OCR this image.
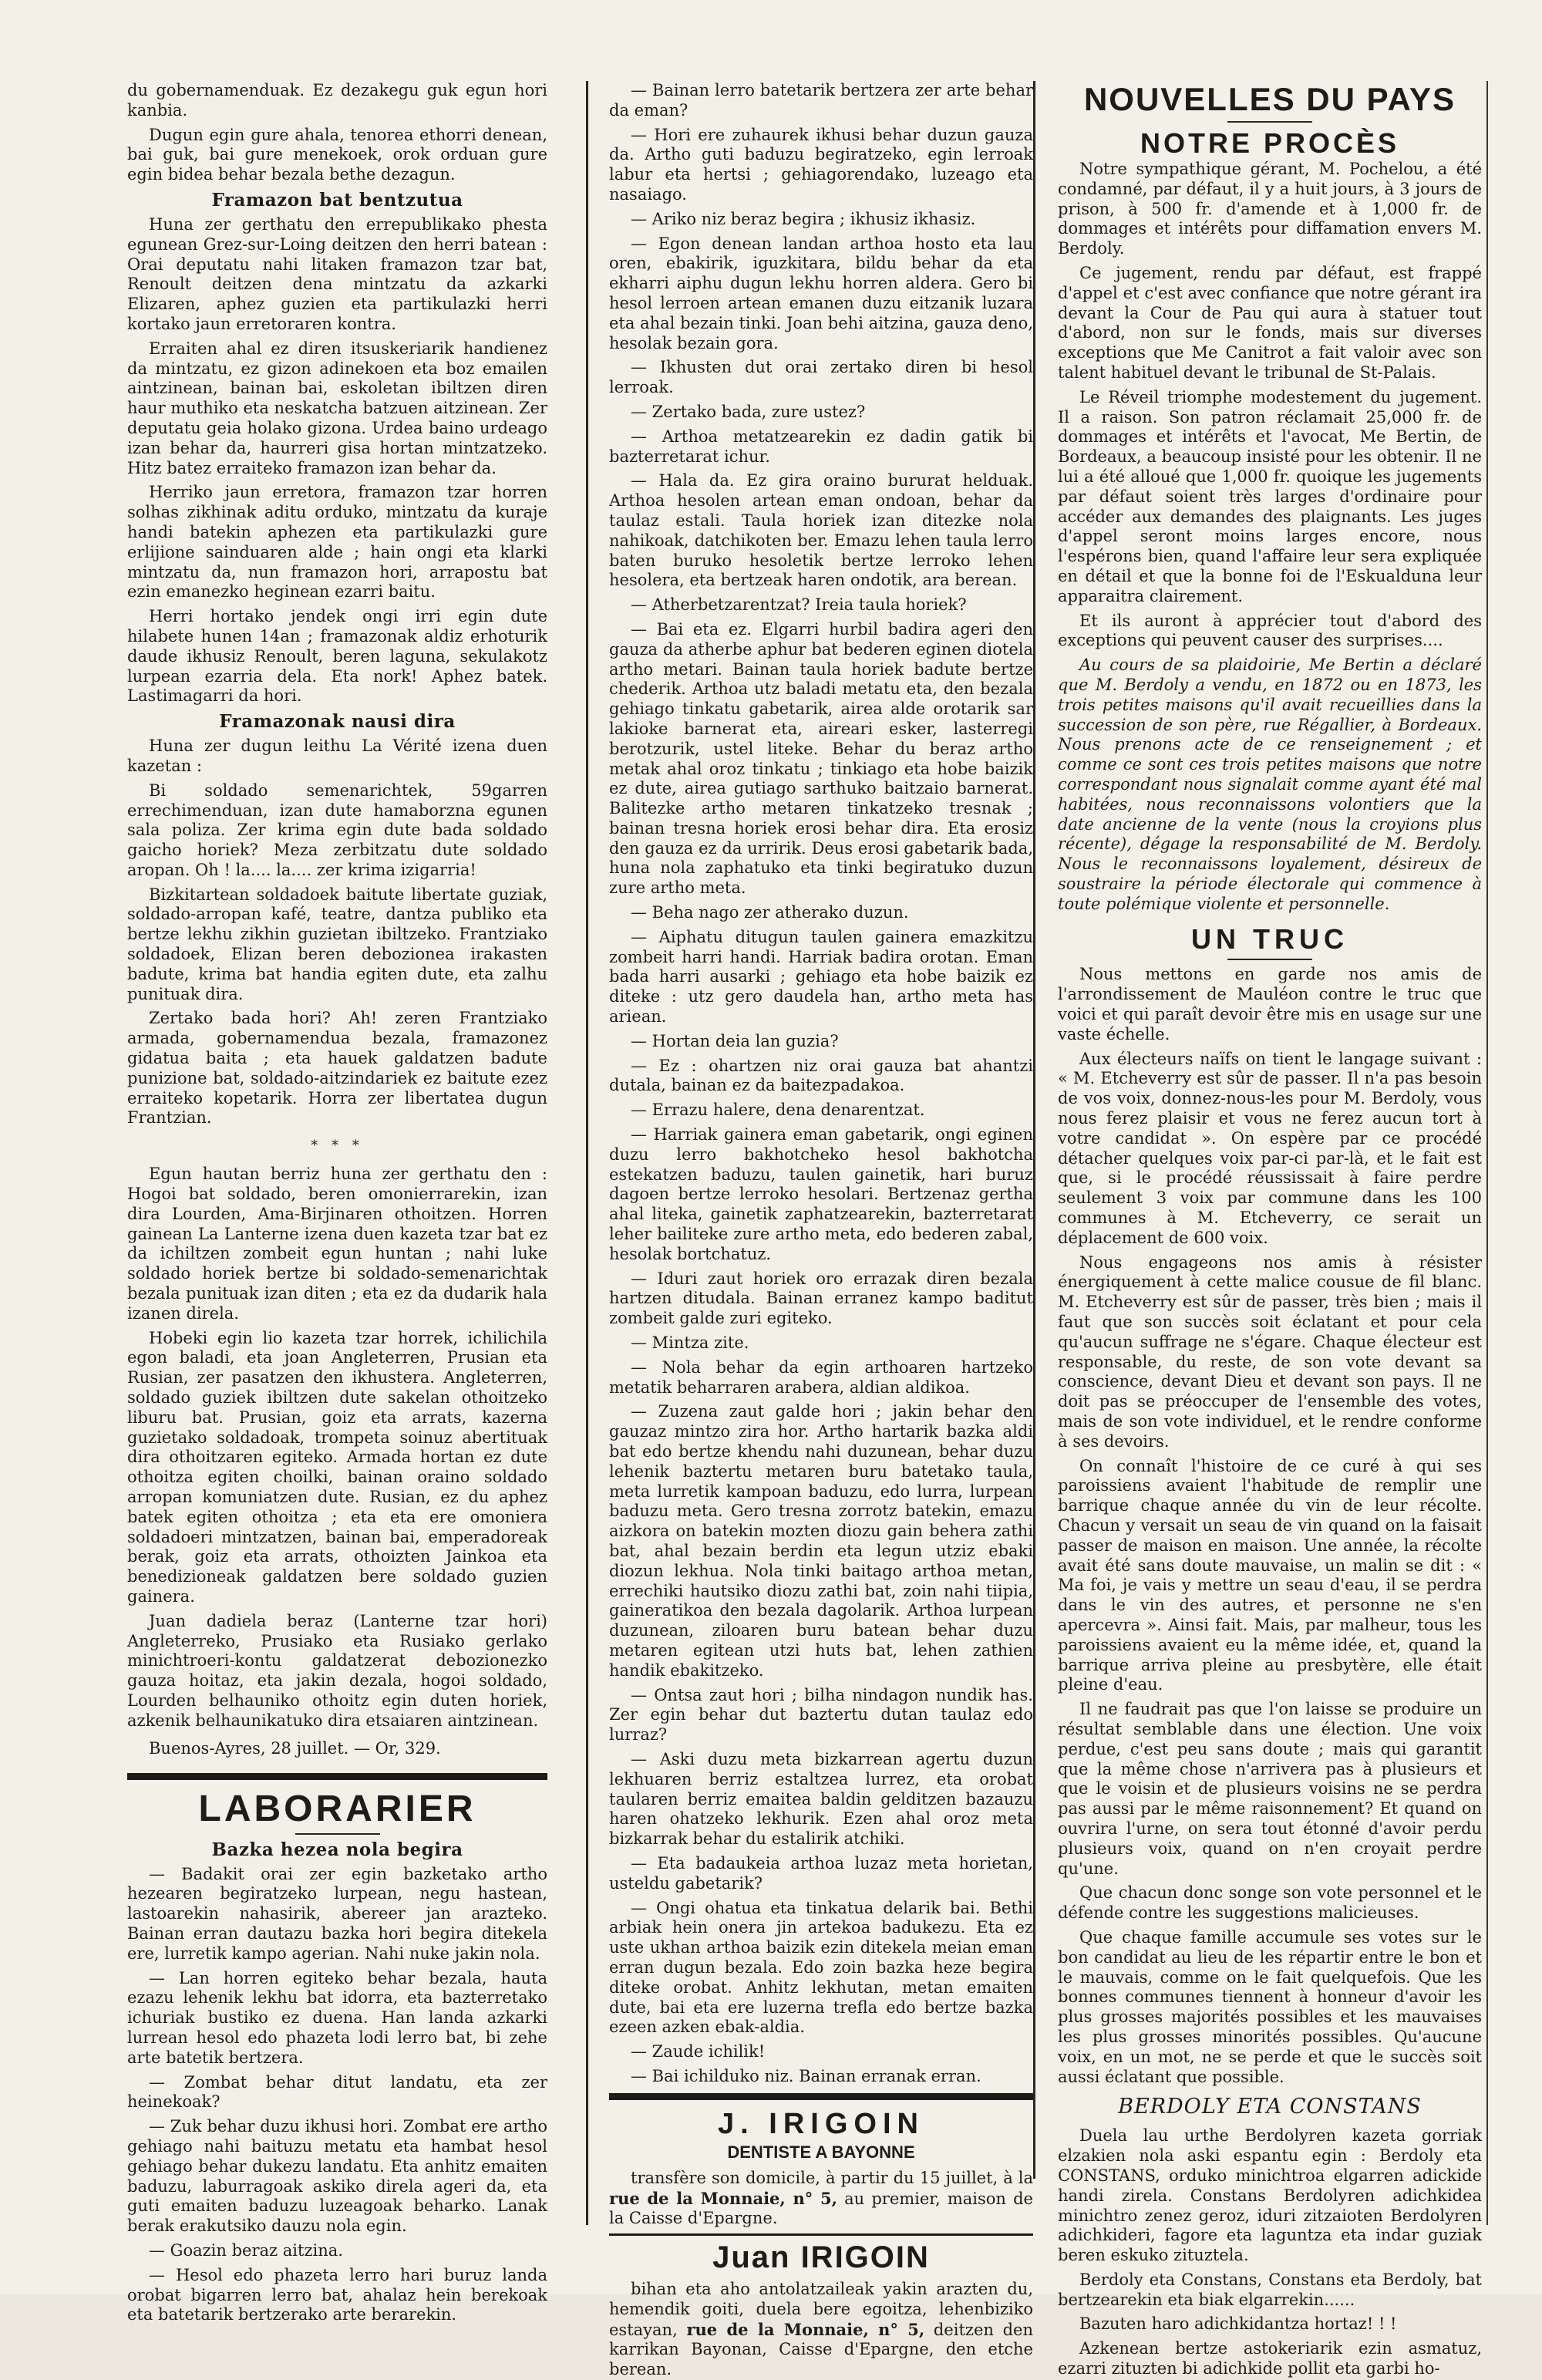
du gobernamenduak. Ez dezakegu guk egun hori kanbia.

Dugun egin gure ahala, tenorea ethorri denean, bai guk, bai gure menekoek, orok orduan gure egin bidea behar bezala bethe dezagun.

Framazon bat bentzutua

Huna zer gerthatu den errepublikako phesta egunean Grez-sur-Loing deitzen den herri batean : Orai deputatu nahi litaken framazon tzar bat, Renoult deitzen dena mintzatu da azkarki Elizaren, aphez guzien eta partikulazki herri kortako jaun erretoraren kontra.

Erraiten ahal ez diren itsuskeriarik handienez da mintzatu, ez gizon adinekoen eta boz emailen aintzinean, bainan bai, eskoletan ibiltzen diren haur muthiko eta neskatcha batzuen aitzinean. Zer deputatu geia holako gizona. Urdea baino urdeago izan behar da, haurreri gisa hortan mintzatzeko. Hitz batez erraiteko framazon izan behar da.

Herriko jaun erretora, framazon tzar horren solhas zikhinak aditu orduko, mintzatu da kuraje handi batekin aphezen eta partikulazki gure erlijione sainduaren alde ; hain ongi eta klarki mintzatu da, nun framazon hori, arrapostu bat ezin emanezko heginean ezarri baitu.

Herri hortako jendek ongi irri egin dute hilabete hunen 14an ; framazonak aldiz erhoturik daude ikhusiz Renoult, beren laguna, sekulakotz lurpean ezarria dela. Eta nork! Aphez batek. Lastimagarri da hori.

Framazonak nausi dira

Huna zer dugun leithu La Vérité izena duen kazetan :

Bi soldado semenarichtek, 59garren errechimenduan, izan dute hamaborzna egunen sala poliza. Zer krima egin dute bada soldado gaicho horiek? Meza zerbitzatu dute soldado aropan. Oh ! la.... la.... zer krima izigarria!

Bizkitartean soldadoek baitute libertate guziak, soldado-arropan kafé, teatre, dantza publiko eta bertze lekhu zikhin guzietan ibiltzeko. Frantziako soldadoek, Elizan beren debozionea irakasten badute, krima bat handia egiten dute, eta zalhu punituak dira.

Zertako bada hori? Ah! zeren Frantziako armada, gobernamendua bezala, framazonez gidatua baita ; eta hauek galdatzen badute punizione bat, soldado-aitzindariek ez baitute ezez erraiteko kopetarik. Horra zer libertatea dugun Frantzian.

* * *

Egun hautan berriz huna zer gerthatu den : Hogoi bat soldado, beren omonierrarekin, izan dira Lourden, Ama-Birjinaren othoitzen. Horren gainean La Lanterne izena duen kazeta tzar bat ez da ichiltzen zombeit egun huntan ; nahi luke soldado horiek bertze bi soldado-semenarichtak bezala punituak izan diten ; eta ez da dudarik hala izanen direla.

Hobeki egin lio kazeta tzar horrek, ichilichila egon baladi, eta joan Angleterren, Prusian eta Rusian, zer pasatzen den ikhustera. Angleterren, soldado guziek ibiltzen dute sakelan othoitzeko liburu bat. Prusian, goiz eta arrats, kazerna guzietako soldadoak, trompeta soinuz abertituak dira othoitzaren egiteko. Armada hortan ez dute othoitza egiten choilki, bainan oraino soldado arropan komuniatzen dute. Rusian, ez du aphez batek egiten othoitza ; eta eta ere omoniera soldadoeri mintzatzen, bainan bai, emperadoreak berak, goiz eta arrats, othoizten Jainkoa eta benedizioneak galdatzen bere soldado guzien gainera.

Juan dadiela beraz (Lanterne tzar hori) Angleterreko, Prusiako eta Rusiako gerlako minichtroeri-kontu galdatzerat debozionezko gauza hoitaz, eta jakin dezala, hogoi soldado, Lourden belhauniko othoitz egin duten horiek, azkenik belhaunikatuko dira etsaiaren aintzinean.

Buenos-Ayres, 28 juillet. — Or, 329.
LABORARIER
Bazka hezea nola begira

— Badakit orai zer egin bazketako artho hezearen begiratzeko lurpean, negu hastean, lastoarekin nahasirik, abereer jan arazteko. Bainan erran dautazu bazka hori begira ditekela ere, lurretik kampo agerian. Nahi nuke jakin nola.

— Lan horren egiteko behar bezala, hauta ezazu lehenik lekhu bat idorra, eta bazterretako ichuriak bustiko ez duena. Han landa azkarki lurrean hesol edo phazeta lodi lerro bat, bi zehe arte batetik bertzera.

— Zombat behar ditut landatu, eta zer heinekoak?

— Zuk behar duzu ikhusi hori. Zombat ere artho gehiago nahi baituzu metatu eta hambat hesol gehiago behar dukezu landatu. Eta anhitz emaiten baduzu, laburragoak askiko direla ageri da, eta guti emaiten baduzu luzeagoak beharko. Lanak berak erakutsiko dauzu nola egin.

— Goazin beraz aitzina.

— Hesol edo phazeta lerro hari buruz landa orobat bigarren lerro bat, ahalaz hein berekoak eta batetarik bertzerako arte berarekin.

— Bainan lerro batetarik bertzera zer arte behar da eman?

— Hori ere zuhaurek ikhusi behar duzun gauza da. Artho guti baduzu begiratzeko, egin lerroak labur eta hertsi ; gehiagorendako, luzeago eta nasaiago.

— Ariko niz beraz begira ; ikhusiz ikhasiz.

— Egon denean landan arthoa hosto eta lau oren, ebakirik, iguzkitara, bildu behar da eta ekharri aiphu dugun lekhu horren aldera. Gero bi hesol lerroen artean emanen duzu eitzanik luzara eta ahal bezain tinki. Joan behi aitzina, gauza deno, hesolak bezain gora.

— Ikhusten dut orai zertako diren bi hesol lerroak.

— Zertako bada, zure ustez?

— Arthoa metatzearekin ez dadin gatik bi bazterretarat ichur.

— Hala da. Ez gira oraino bururat helduak. Arthoa hesolen artean eman ondoan, behar da taulaz estali. Taula horiek izan ditezke nola nahikoak, datchikoten ber. Emazu lehen taula lerro baten buruko hesoletik bertze lerroko lehen hesolera, eta bertzeak haren ondotik, ara berean.

— Atherbetzarentzat? Ireia taula horiek?

— Bai eta ez. Elgarri hurbil badira ageri den gauza da atherbe aphur bat bederen eginen diotela artho metari. Bainan taula horiek badute bertze chederik. Arthoa utz baladi metatu eta, den bezala gehiago tinkatu gabetarik, airea alde orotarik sar lakioke barnerat eta, aireari esker, lasterregi berotzurik, ustel liteke. Behar du beraz artho metak ahal oroz tinkatu ; tinkiago eta hobe baizik ez dute, airea gutiago sarthuko baitzaio barnerat. Balitezke artho metaren tinkatzeko tresnak ; bainan tresna horiek erosi behar dira. Eta erosiz den gauza ez da urririk. Deus erosi gabetarik bada, huna nola zaphatuko eta tinki begiratuko duzun zure artho meta.

— Beha nago zer atherako duzun.

— Aiphatu ditugun taulen gainera emazkitzu zombeit harri handi. Harriak badira orotan. Eman bada harri ausarki ; gehiago eta hobe baizik ez diteke : utz gero daudela han, artho meta has ariean.

— Hortan deia lan guzia?

— Ez : ohartzen niz orai gauza bat ahantzi dutala, bainan ez da baitezpadakoa.

— Errazu halere, dena denarentzat.

— Harriak gainera eman gabetarik, ongi eginen duzu lerro bakhotcheko hesol bakhotcha estekatzen baduzu, taulen gainetik, hari buruz dagoen bertze lerroko hesolari. Bertzenaz gertha ahal liteka, gainetik zaphatzearekin, bazterretarat leher bailiteke zure artho meta, edo bederen zabal, hesolak bortchatuz.

— Iduri zaut horiek oro errazak diren bezala hartzen ditudala. Bainan erranez kampo baditut zombeit galde zuri egiteko.

— Mintza zite.

— Nola behar da egin arthoaren hartzeko metatik beharraren arabera, aldian aldikoa.

— Zuzena zaut galde hori ; jakin behar den gauzaz mintzo zira hor. Artho hartarik bazka aldi bat edo bertze khendu nahi duzunean, behar duzu lehenik baztertu metaren buru batetako taula, meta lurretik kampoan baduzu, edo lurra, lurpean baduzu meta. Gero tresna zorrotz batekin, emazu aizkora on batekin mozten diozu gain behera zathi bat, ahal bezain berdin eta legun utziz ebaki diozun lekhua. Nola tinki baitago arthoa metan, errechiki hautsiko diozu zathi bat, zoin nahi tiipia, gaineratikoa den bezala dagolarik. Arthoa lurpean duzunean, ziloaren buru batean behar duzu metaren egitean utzi huts bat, lehen zathien handik ebakitzeko.

— Ontsa zaut hori ; bilha nindagon nundik has. Zer egin behar dut baztertu dutan taulaz edo lurraz?

— Aski duzu meta bizkarrean agertu duzun lekhuaren berriz estaltzea lurrez, eta orobat taularen berriz emaitea baldin gelditzen bazauzu haren ohatzeko lekhurik. Ezen ahal oroz meta bizkarrak behar du estalirik atchiki.

— Eta badaukeia arthoa luzaz meta horietan, usteldu gabetarik?

— Ongi ohatua eta tinkatua delarik bai. Bethi arbiak hein onera jin artekoa badukezu. Eta ez uste ukhan arthoa baizik ezin ditekela meian eman erran dugun bezala. Edo zoin bazka heze begira diteke orobat. Anhitz lekhutan, metan emaiten dute, bai eta ere luzerna trefla edo bertze bazka ezeen azken ebak-aldia.

— Zaude ichilik!

— Bai ichilduko niz. Bainan erranak erran.

J. IRIGOIN
DENTISTE A BAYONNE

transfère son domicile, à partir du 15 juillet, à la rue de la Monnaie, n° 5, au premier, maison de la Caisse d'Epargne.

Juan IRIGOIN

bihan eta aho antolatzaileak yakin arazten du, hemendik goiti, duela bere egoitza, lehenbiziko estayan, rue de la Monnaie, n° 5, deitzen den karrikan Bayonan, Caisse d'Epargne, den etche berean.

NOUVELLES DU PAYS
NOTRE PROCÈS

Notre sympathique gérant, M. Pochelou, a été condamné, par défaut, il y a huit jours, à 3 jours de prison, à 500 fr. d'amende et à 1,000 fr. de dommages et intérêts pour diffamation envers M. Berdoly.

Ce jugement, rendu par défaut, est frappé d'appel et c'est avec confiance que notre gérant ira devant la Cour de Pau qui aura à statuer tout d'abord, non sur le fonds, mais sur diverses exceptions que Me Canitrot a fait valoir avec son talent habituel devant le tribunal de St-Palais.

Le Réveil triomphe modestement du jugement. Il a raison. Son patron réclamait 25,000 fr. de dommages et intérêts et l'avocat, Me Bertin, de Bordeaux, a beaucoup insisté pour les obtenir. Il ne lui a été alloué que 1,000 fr. quoique les jugements par défaut soient très larges d'ordinaire pour accéder aux demandes des plaignants. Les juges d'appel seront moins larges encore, nous l'espérons bien, quand l'affaire leur sera expliquée en détail et que la bonne foi de l'Eskualduna leur apparaitra clairement.

Et ils auront à apprécier tout d'abord des exceptions qui peuvent causer des surprises....

Au cours de sa plaidoirie, Me Bertin a déclaré que M. Berdoly a vendu, en 1872 ou en 1873, les trois petites maisons qu'il avait recueillies dans la succession de son père, rue Régallier, à Bordeaux. Nous prenons acte de ce renseignement ; et comme ce sont ces trois petites maisons que notre correspondant nous signalait comme ayant été mal habitées, nous reconnaissons volontiers que la date ancienne de la vente (nous la croyions plus récente), dégage la responsabilité de M. Berdoly. Nous le reconnaissons loyalement, désireux de soustraire la période électorale qui commence à toute polémique violente et personnelle.

UN TRUC

Nous mettons en garde nos amis de l'arrondissement de Mauléon contre le truc que voici et qui paraît devoir être mis en usage sur une vaste échelle.

Aux électeurs naïfs on tient le langage suivant : « M. Etcheverry est sûr de passer. Il n'a pas besoin de vos voix, donnez-nous-les pour M. Berdoly, vous nous ferez plaisir et vous ne ferez aucun tort à votre candidat ». On espère par ce procédé détacher quelques voix par-ci par-là, et le fait est que, si le procédé réussissait à faire perdre seulement 3 voix par commune dans les 100 communes à M. Etcheverry, ce serait un déplacement de 600 voix.

Nous engageons nos amis à résister énergiquement à cette malice cousue de fil blanc. M. Etcheverry est sûr de passer, très bien ; mais il faut que son succès soit éclatant et pour cela qu'aucun suffrage ne s'égare. Chaque électeur est responsable, du reste, de son vote devant sa conscience, devant Dieu et devant son pays. Il ne doit pas se préoccuper de l'ensemble des votes, mais de son vote individuel, et le rendre conforme à ses devoirs.

On connaît l'histoire de ce curé à qui ses paroissiens avaient l'habitude de remplir une barrique chaque année du vin de leur récolte. Chacun y versait un seau de vin quand on la faisait passer de maison en maison. Une année, la récolte avait été sans doute mauvaise, un malin se dit : « Ma foi, je vais y mettre un seau d'eau, il se perdra dans le vin des autres, et personne ne s'en apercevra ». Ainsi fait. Mais, par malheur, tous les paroissiens avaient eu la même idée, et, quand la barrique arriva pleine au presbytère, elle était pleine d'eau.

Il ne faudrait pas que l'on laisse se produire un résultat semblable dans une élection. Une voix perdue, c'est peu sans doute ; mais qui garantit que la même chose n'arrivera pas à plusieurs et que le voisin et de plusieurs voisins ne se perdra pas aussi par le même raisonnement? Et quand on ouvrira l'urne, on sera tout étonné d'avoir perdu plusieurs voix, quand on n'en croyait perdre qu'une.

Que chacun donc songe son vote personnel et le défende contre les suggestions malicieuses.

Que chaque famille accumule ses votes sur le bon candidat au lieu de les répartir entre le bon et le mauvais, comme on le fait quelquefois. Que les bonnes communes tiennent à honneur d'avoir les plus grosses majorités possibles et les mauvaises les plus grosses minorités possibles. Qu'aucune voix, en un mot, ne se perde et que le succès soit aussi éclatant que possible.

BERDOLY ETA CONSTANS

Duela lau urthe Berdolyren kazeta gorriak elzakien nola aski espantu egin : Berdoly eta CONSTANS, orduko minichtroa elgarren adickide handi zirela. Constans Berdolyren adichkidea minichtro zenez geroz, iduri zitzaioten Berdolyren adichkideri, fagore eta laguntza eta indar guziak beren eskuko zituztela.

Berdoly eta Constans, Constans eta Berdoly, bat bertzearekin eta biak elgarrekin......

Bazuten haro adichkidantza hortaz! ! !

Azkenean bertze astokeriarik ezin asmatuz, ezarri zituzten bi adichkide pollit eta garbi ho-
